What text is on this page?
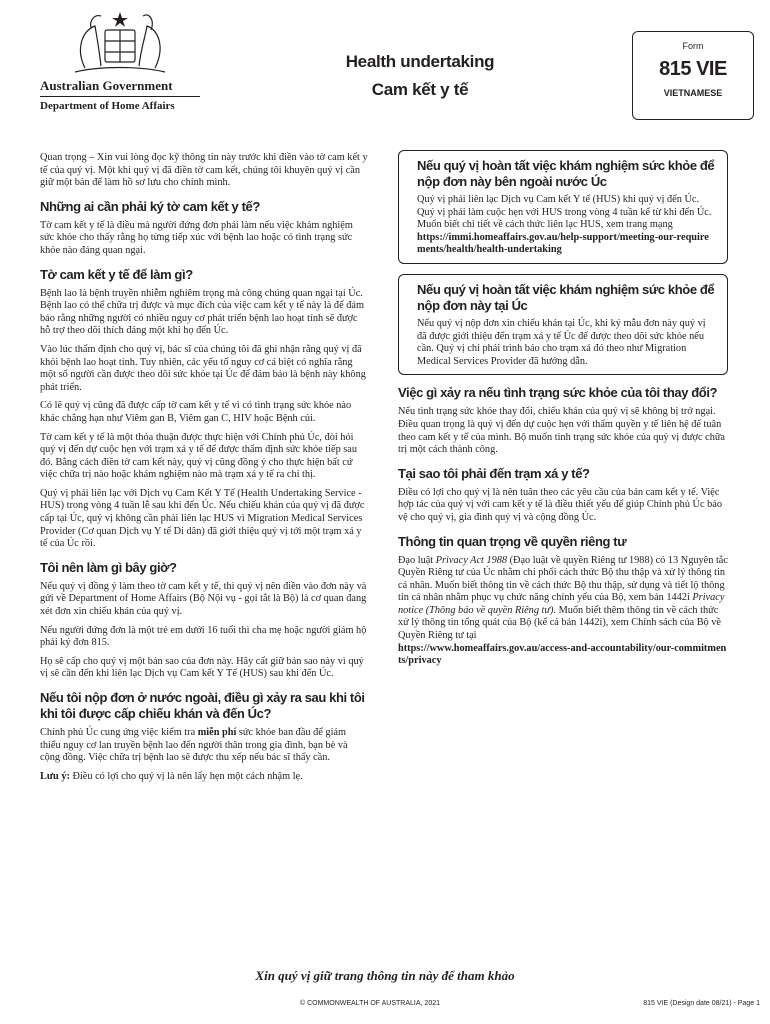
Australian Government
Department of Home Affairs
Health undertaking
Cam kết y tế
Form
815 VIE
VIETNAMESE

Quan trọng – Xin vui lòng đọc kỹ thông tin này trước khi điền vào tờ cam kết y tế của quý vị. Một khi quý vị đã điền tờ cam kết, chúng tôi khuyên quý vị cần giữ một bản để làm hồ sơ lưu cho chính mình.

Những ai cần phải ký tờ cam kết y tế?

Tờ cam kết y tế là điều mà người đứng đơn phải làm nếu việc khám nghiệm sức khỏe cho thấy rằng họ từng tiếp xúc với bệnh lao hoặc có tình trạng sức khỏe nào đáng quan ngại.

Tờ cam kết y tế để làm gì?

Bệnh lao là bệnh truyền nhiễm nghiêm trọng mà công chúng quan ngại tại Úc. Bệnh lao có thể chữa trị được và mục đích của việc cam kết y tế này là để đảm bảo rằng những người có nhiều nguy cơ phát triển bệnh lao hoạt tính sẽ được hỗ trợ theo dõi thích đáng một khi họ đến Úc.

Vào lúc thẩm định cho quý vị, bác sĩ của chúng tôi đã ghi nhận rằng quý vị đã khỏi bệnh lao hoạt tính. Tuy nhiên, các yếu tố nguy cơ cá biệt có nghĩa rằng một số người cần được theo dõi sức khỏe tại Úc để đảm bảo là bệnh này không phát triển.

Có lẽ quý vị cũng đã được cấp tờ cam kết y tế vì có tình trạng sức khỏe nào khác chẳng hạn như Viêm gan B, Viêm gan C, HIV hoặc Bệnh củi.

Tờ cam kết y tế là một thỏa thuận được thực hiện với Chính phủ Úc, đòi hỏi quý vị đến dự cuộc hẹn với trạm xá y tế để được thẩm định sức khỏe tiếp sau đó. Bằng cách điền tờ cam kết này, quý vị cũng đồng ý cho thực hiện bất cứ việc chữa trị nào hoặc khám nghiệm nào mà trạm xá y tế ra chỉ thị.

Quý vị phải liên lạc với Dịch vụ Cam Kết Y Tế (Health Undertaking Service - HUS) trong vòng 4 tuần lễ sau khi đến Úc. Nếu chiếu khán của quý vị đã được cấp tại Úc, quý vị không cần phải liên lạc HUS vì Migration Medical Services Provider (Cơ quan Dịch vụ Y tế Di dân) đã giới thiệu quý vị tới một trạm xá y tế của Úc rồi.

Tôi nên làm gì bây giờ?

Nếu quý vị đồng ý làm theo tờ cam kết y tế, thì quý vị nên điền vào đơn này và gửi về Department of Home Affairs (Bộ Nội vụ - gọi tắt là Bộ) là cơ quan đang xét đơn xin chiếu khán của quý vị.

Nếu người đứng đơn là một trẻ em dưới 16 tuổi thì cha mẹ hoặc người giám hộ phải ký đơn 815.

Họ sẽ cấp cho quý vị một bản sao của đơn này. Hãy cất giữ bản sao này vì quý vị sẽ cần đến khi liên lạc Dịch vụ Cam kết Y Tế (HUS) sau khi đến Úc.

Nếu tôi nộp đơn ở nước ngoài, điều gì xảy ra sau khi tôi khi tôi được cấp chiếu khán và đến Úc?

Chính phủ Úc cung ứng việc kiểm tra miễn phí sức khỏe ban đầu để giảm thiểu nguy cơ lan truyền bệnh lao đến người thân trong gia đình, bạn bè và cộng đồng. Việc chữa trị bệnh lao sẽ được thu xếp nếu bác sĩ thấy cần.

Lưu ý: Điều có lợi cho quý vị là nên lấy hẹn một cách nhậm lẹ.

Nếu quý vị hoàn tất việc khám nghiệm sức khỏe để nộp đơn này bên ngoài nước Úc

Quý vị phải liên lạc Dịch vụ Cam kết Y tế (HUS) khi quý vị đến Úc. Quý vị phải làm cuộc hẹn với HUS trong vòng 4 tuần kể từ khi đến Úc. Muốn biết chi tiết về cách thức liên lạc HUS, xem trang mạng

https://immi.homeaffairs.gov.au/help-support/meeting-our-requirements/health/health-undertaking

Nếu quý vị hoàn tất việc khám nghiệm sức khỏe để nộp đơn này tại Úc

Nếu quý vị nộp đơn xin chiếu khán tại Úc, khi ký mẫu đơn này quý vị đã được giới thiệu đến trạm xá y tế Úc để được theo dõi sức khỏe nếu cần. Quý vị chỉ phải trình báo cho trạm xá đó theo như Migration Medical Services Provider đã hướng dẫn.

Việc gì xảy ra nếu tình trạng sức khỏe của tôi thay đổi?

Nếu tình trạng sức khỏe thay đổi, chiếu khán của quý vị sẽ không bị trở ngại. Điều quan trọng là quý vị đến dự cuộc hẹn với thẩm quyền y tế liên hệ để tuân theo cam kết y tế của mình. Bộ muốn tình trạng sức khỏe của quý vị được chữa trị một cách thành công.

Tại sao tôi phải đến trạm xá y tế?

Điều có lợi cho quý vị là nên tuân theo các yêu cầu của bản cam kết y tế. Việc hợp tác của quý vị với cam kết y tế là điều thiết yếu để giúp Chính phủ Úc bảo vệ cho quý vị, gia đình quý vị và cộng đồng Úc.

Thông tin quan trọng về quyền riêng tư

Đạo luật Privacy Act 1988 (Đạo luật về quyền Riêng tư 1988) có 13 Nguyên tắc Quyền Riêng tư của Úc nhằm chi phối cách thức Bộ thu thập và xử lý thông tin cá nhân. Muốn biết thông tin về cách thức Bộ thu thập, sử dụng và tiết lộ thông tin cá nhân nhằm phục vụ chức năng chính yếu của Bộ, xem bản 1442i Privacy notice (Thông báo về quyền Riêng tư). Muốn biết thêm thông tin về cách thức xử lý thông tin tổng quát của Bộ (kể cả bản 1442i), xem Chính sách của Bộ về Quyền Riêng tư tại
https://www.homeaffairs.gov.au/access-and-accountability/our-commitments/privacy

Xin quý vị giữ trang thông tin này để tham khảo
© COMMONWEALTH OF AUSTRALIA, 2021	815 VIE (Design date 08/21) - Page 1
